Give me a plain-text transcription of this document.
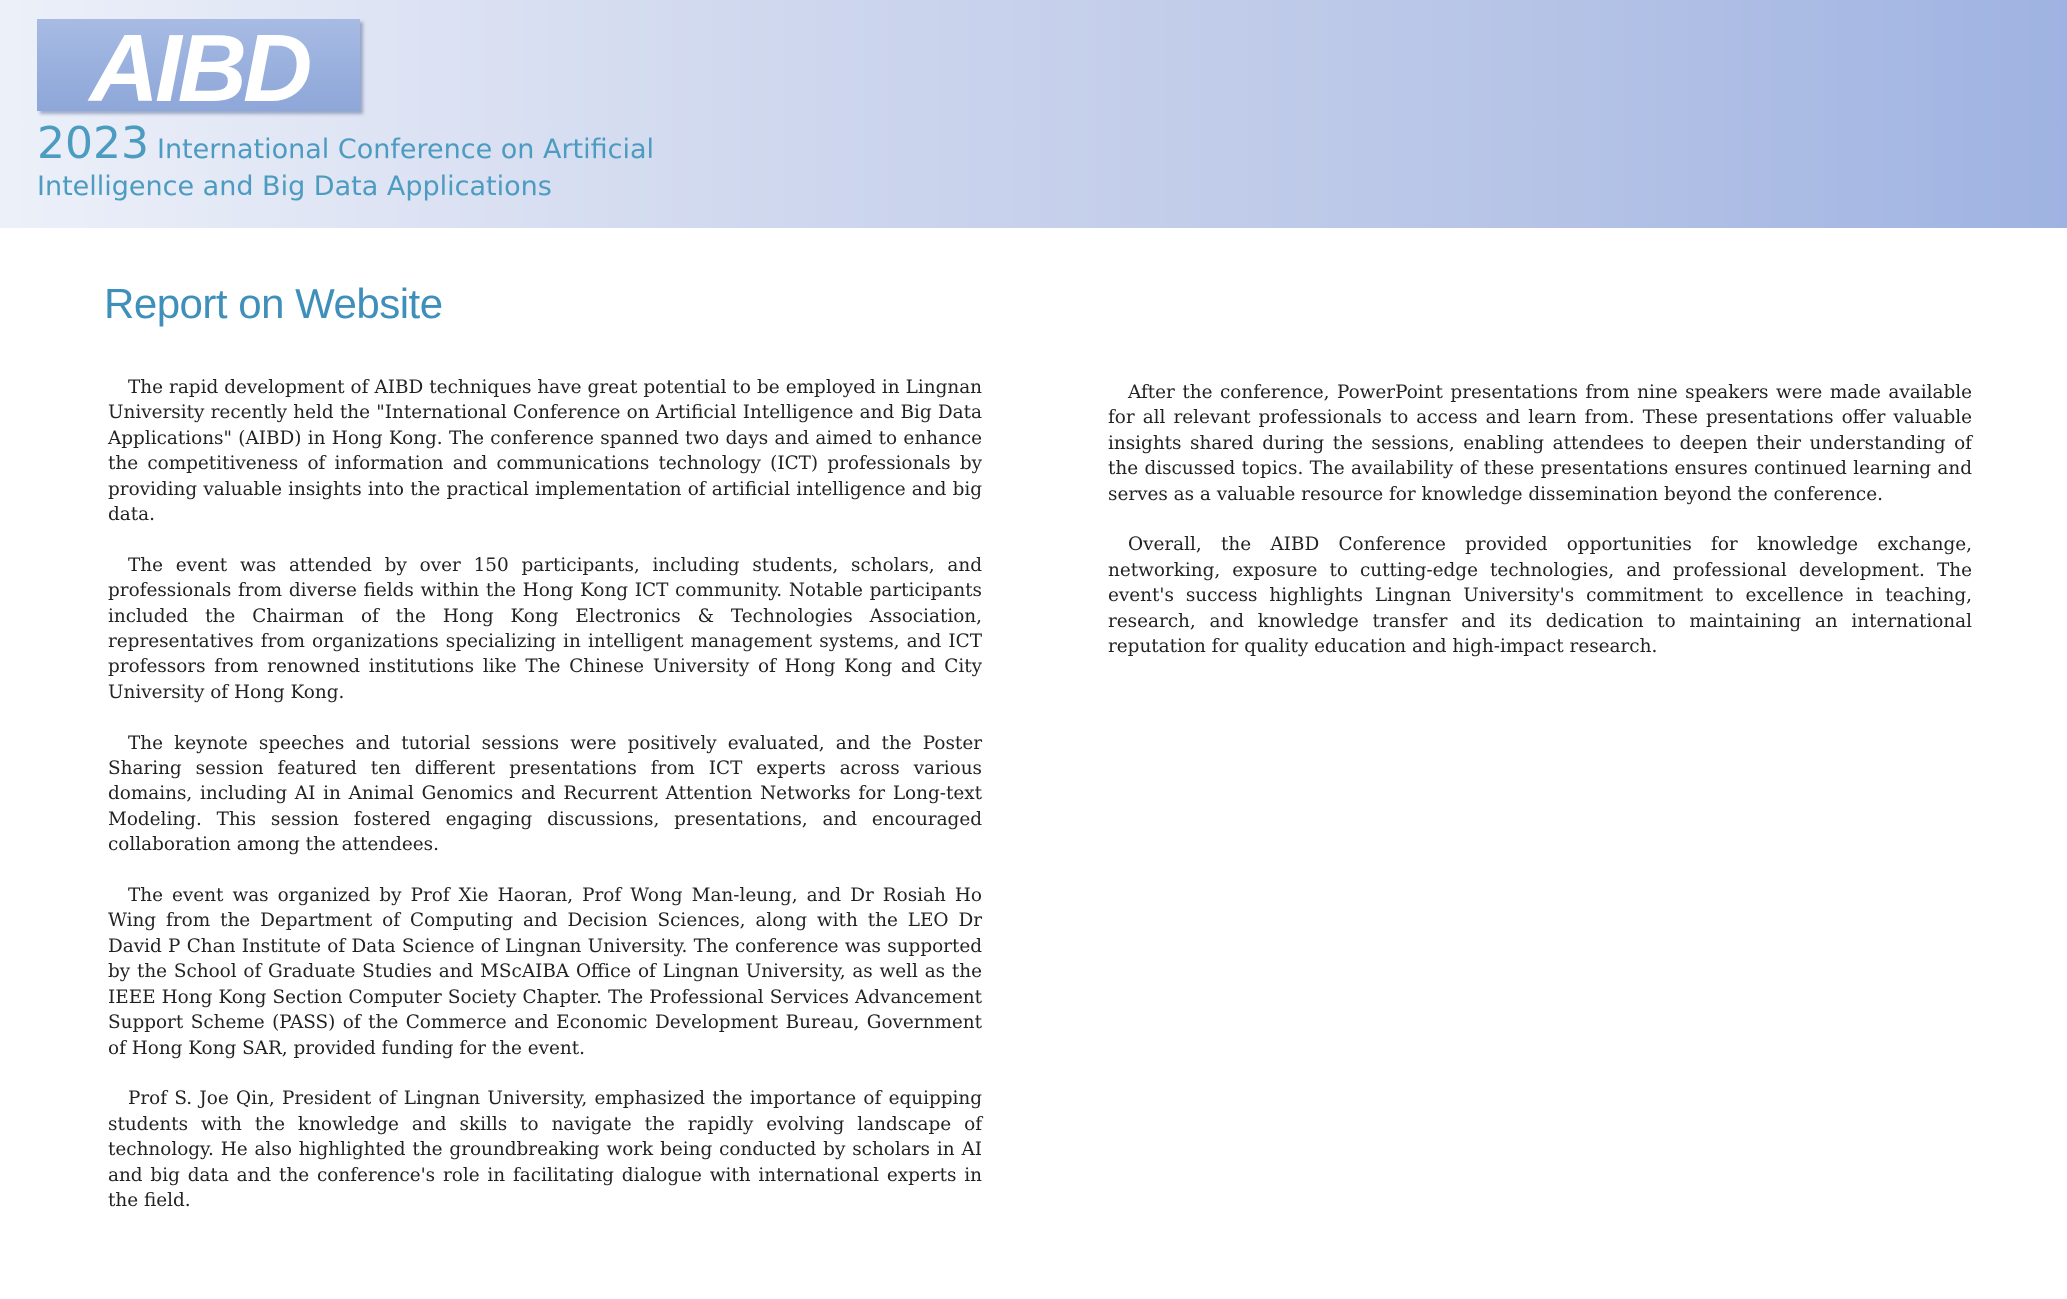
AIBD
2023 International Conference on Artificial Intelligence and Big Data Applications
Report on Website

The rapid development of AIBD techniques have great potential to be employed in Lingnan University recently held the "International Conference on Artificial Intelligence and Big Data Applications" (AIBD) in Hong Kong. The conference spanned two days and aimed to enhance the competitiveness of information and communications technology (ICT) professionals by providing valuable insights into the practical implementation of artificial intelligence and big data.

The event was attended by over 150 participants, including students, scholars, and professionals from diverse fields within the Hong Kong ICT community. Notable participants included the Chairman of the Hong Kong Electronics & Technologies Association, representatives from organizations specializing in intelligent management systems, and ICT professors from renowned institutions like The Chinese University of Hong Kong and City University of Hong Kong.

The keynote speeches and tutorial sessions were positively evaluated, and the Poster Sharing session featured ten different presentations from ICT experts across various domains, including AI in Animal Genomics and Recurrent Attention Networks for Long-text Modeling. This session fostered engaging discussions, presentations, and encouraged collaboration among the attendees.

The event was organized by Prof Xie Haoran, Prof Wong Man-leung, and Dr Rosiah Ho Wing from the Department of Computing and Decision Sciences, along with the LEO Dr David P Chan Institute of Data Science of Lingnan University. The conference was supported by the School of Graduate Studies and MScAIBA Office of Lingnan University, as well as the IEEE Hong Kong Section Computer Society Chapter. The Professional Services Advancement Support Scheme (PASS) of the Commerce and Economic Development Bureau, Government of Hong Kong SAR, provided funding for the event.

Prof S. Joe Qin, President of Lingnan University, emphasized the importance of equipping students with the knowledge and skills to navigate the rapidly evolving landscape of technology. He also highlighted the groundbreaking work being conducted by scholars in AI and big data and the conference's role in facilitating dialogue with international experts in the field.

After the conference, PowerPoint presentations from nine speakers were made available for all relevant professionals to access and learn from. These presentations offer valuable insights shared during the sessions, enabling attendees to deepen their understanding of the discussed topics. The availability of these presentations ensures continued learning and serves as a valuable resource for knowledge dissemination beyond the conference.

Overall, the AIBD Conference provided opportunities for knowledge exchange, networking, exposure to cutting-edge technologies, and professional development. The event's success highlights Lingnan University's commitment to excellence in teaching, research, and knowledge transfer and its dedication to maintaining an international reputation for quality education and high-impact research.
